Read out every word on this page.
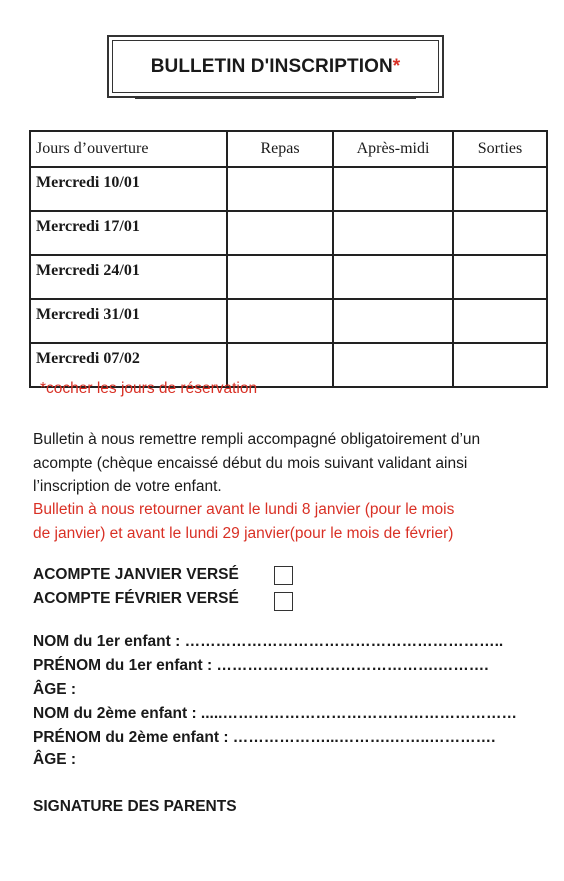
BULLETIN D'INSCRIPTION*
Jours d’ouverture	Repas	Après-midi	Sorties
Mercredi 10/01			
Mercredi 17/01			
Mercredi 24/01			
Mercredi 31/01			
Mercredi 07/02			
*cocher les jours de réservation
Bulletin à nous remettre rempli accompagné obligatoirement d’un
acompte (chèque encaissé début du mois suivant validant ainsi
l’inscription de votre enfant.
Bulletin à nous retourner avant le lundi 8 janvier (pour le mois
de janvier) et avant le lundi 29 janvier(pour le mois de février)
ACOMPTE JANVIER VERSÉ
ACOMPTE FÉVRIER VERSÉ
NOM du 1er enfant : ……………………………………………………..
PRÉNOM du 1er enfant : …………………………………….……….
ÂGE :
NOM du 2ème enfant : .....…………………………………………………
PRÉNOM du 2ème enfant : ………………...……….……..………….
ÂGE :
SIGNATURE DES PARENTS
